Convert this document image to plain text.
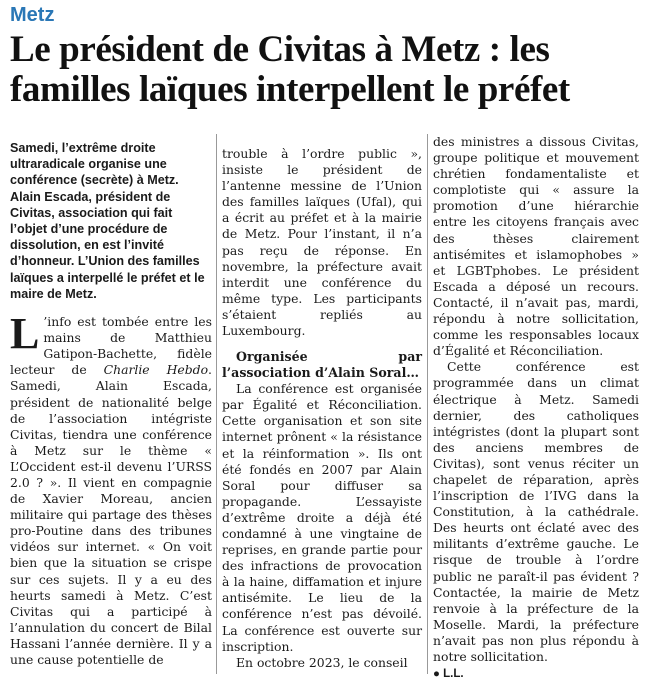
Metz
Le président de Civitas à Metz : les familles laïques interpellent le préfet

Samedi, l’extrême droite ultraradicale organise une conférence (secrète) à Metz. Alain Escada, président de Civitas, association qui fait l’objet d’une procédure de dissolution, en est l’invité d’honneur. L’Union des familles laïques a interpellé le préfet et le maire de Metz.

L ’info est tombée entre les mains de Matthieu Gatipon-Bachette, fidèle lecteur de Charlie Hebdo. Samedi, Alain Escada, président de nationalité belge de l’association intégriste Civitas, tiendra une conférence à Metz sur le thème « L’Occident est-il devenu l’URSS 2.0 ? ». Il vient en compagnie de Xavier Moreau, ancien militaire qui partage des thèses pro-Poutine dans des tribunes vidéos sur internet. « On voit bien que la situation se crispe sur ces sujets. Il y a eu des heurts samedi à Metz. C’est Civitas qui a participé à l’annulation du concert de Bilal Hassani l’année dernière. Il y a une cause potentielle de

trouble à l’ordre public », insiste le président de l’antenne messine de l’Union des familles laïques (Ufal), qui a écrit au préfet et à la mairie de Metz. Pour l’instant, il n’a pas reçu de réponse. En novembre, la préfecture avait interdit une conférence du même type. Les participants s’étaient repliés au Luxembourg.

Organisée par l’association d’Alain Soral…

La conférence est organisée par Égalité et Réconciliation. Cette organisation et son site internet prônent « la résistance et la réinformation ». Ils ont été fondés en 2007 par Alain Soral pour diffuser sa propagande. L’essayiste d’extrême droite a déjà été condamné à une vingtaine de reprises, en grande partie pour des infractions de provocation à la haine, diffamation et injure antisémite. Le lieu de la conférence n’est pas dévoilé. La conférence est ouverte sur inscription.

En octobre 2023, le conseil

des ministres a dissous Civitas, groupe politique et mouvement chrétien fondamentaliste et complotiste qui « assure la promotion d’une hiérarchie entre les citoyens français avec des thèses clairement antisémites et islamophobes » et LGBTphobes. Le président Escada a déposé un recours. Contacté, il n’avait pas, mardi, répondu à notre sollicitation, comme les responsables locaux d’Égalité et Réconciliation.

Cette conférence est programmée dans un climat électrique à Metz. Samedi dernier, des catholiques intégristes (dont la plupart sont des anciens membres de Civitas), sont venus réciter un chapelet de réparation, après l’inscription de l’IVG dans la Constitution, à la cathédrale. Des heurts ont éclaté avec des militants d’extrême gauche. Le risque de trouble à l’ordre public ne paraît-il pas évident ? Contactée, la mairie de Metz renvoie à la préfecture de la Moselle. Mardi, la préfecture n’avait pas non plus répondu à notre sollicitation.

● L.L.
